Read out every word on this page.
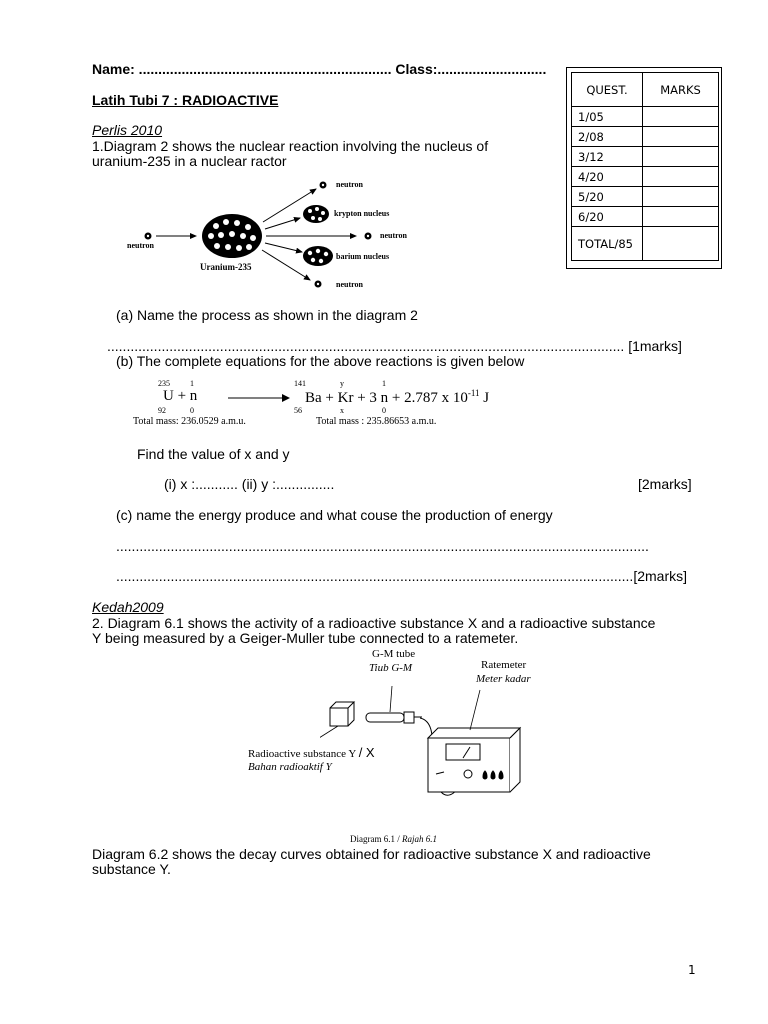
Name: ................................................................. Class:............................
Latih Tubi 7 : RADIOACTIVE
QUEST.	MARKS
1/05	
2/08	
3/12	
4/20	
5/20	
6/20	
TOTAL/85	
Perlis 2010
1.Diagram 2 shows the nuclear reaction involving the nucleus of
uranium-235 in a nuclear ractor
neutron
Uranium-235
neutron
krypton nucleus
neutron
barium nucleus
neutron
(a) Name the process as shown in the diagram 2
..................................................................................................................................... [1marks]
(b) The complete equations for the above reactions is given below
235	1
U + n
92	0
141	y	1
Ba + Kr + 3 n + 2.787 x $10^{-11}$ J
56	x	0
Total mass: 236.0529 a.m.u.	Total mass : 235.86653 a.m.u.
Find the value of x and y
(i) x :........... (ii) y :...............	[2marks]
(c) name the energy produce and what couse the production of energy
.........................................................................................................................................
.....................................................................................................................................[2marks]
Kedah2009
2. Diagram 6.1 shows the activity of a radioactive substance X and a radioactive substance
Y being measured by a Geiger-Muller tube connected to a ratemeter.
G-M tube
Tiub G-M	Ratemeter
Meter kadar
Radioactive substance Y / X
Bahan radioaktif Y
Diagram 6.1 / Rajah 6.1
Diagram 6.2 shows the decay curves obtained for radioactive substance X and radioactive
substance Y.
1
